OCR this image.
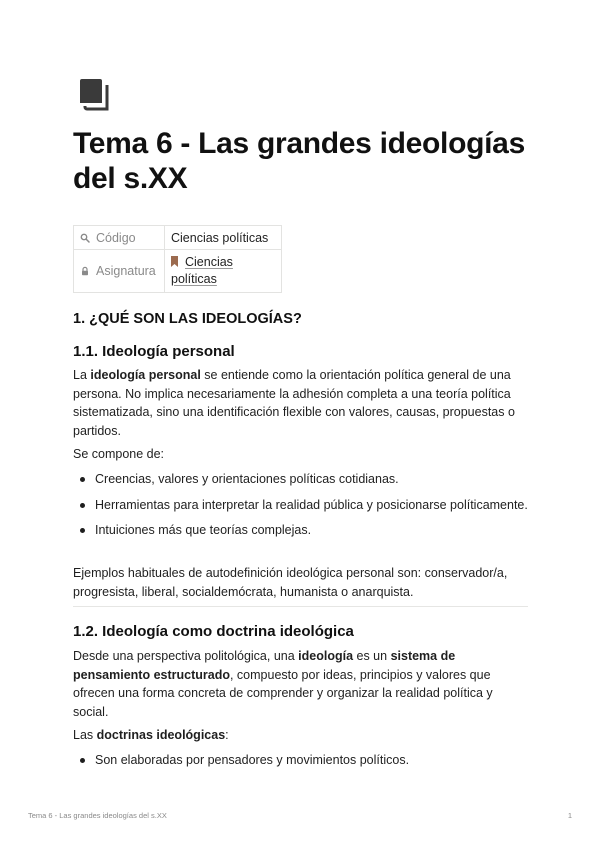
Tema 6 - Las grandes ideologías del s.XX
Código	Ciencias políticas

Asignatura	Ciencias políticas
1. ¿QUÉ SON LAS IDEOLOGÍAS?
1.1. Ideología personal

La ideología personal se entiende como la orientación política general de una persona. No implica necesariamente la adhesión completa a una teoría política sistematizada, sino una identificación flexible con valores, causas, propuestas o partidos.

Se compone de:

Creencias, valores y orientaciones políticas cotidianas.
Herramientas para interpretar la realidad pública y posicionarse políticamente.
Intuiciones más que teorías complejas.

Ejemplos habituales de autodefinición ideológica personal son: conservador/a, progresista, liberal, socialdemócrata, humanista o anarquista.

1.2. Ideología como doctrina ideológica

Desde una perspectiva politológica, una ideología es un sistema de pensamiento estructurado, compuesto por ideas, principios y valores que ofrecen una forma concreta de comprender y organizar la realidad política y social.

Las doctrinas ideológicas:

Son elaboradas por pensadores y movimientos políticos.
Tema 6 - Las grandes ideologías del s.XX	1
